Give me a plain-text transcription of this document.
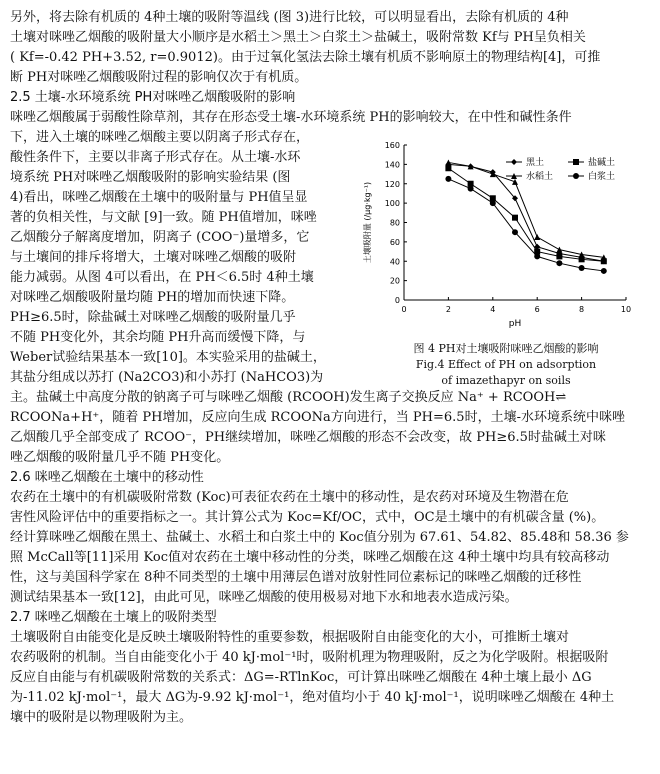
另外，将去除有机质的 4种土壤的吸附等温线 (图 3)进行比较，可以明显看出，去除有机质的 4种
土壤对咪唑乙烟酸的吸附量大小顺序是水稻土＞黑土＞白浆土＞盐碱土，吸附常数 Kf与 PH呈负相关
( Kf=-0.42 PH+3.52, r=0.9012)。由于过氧化氢法去除土壤有机质不影响原土的物理结构[4]，可推
断 PH对咪唑乙烟酸吸附过程的影响仅次于有机质。
2.5 土壤-水环境系统 PH对咪唑乙烟酸吸附的影响
咪唑乙烟酸属于弱酸性除草剂，其存在形态受土壤-水环境系统 PH的影响较大，在中性和碱性条件
下，进入土壤的咪唑乙烟酸主要以阴离子形式存在，
酸性条件下，主要以非离子形式存在。从土壤-水环
境系统 PH对咪唑乙烟酸吸附的影响实验结果 (图
4)看出，咪唑乙烟酸在土壤中的吸附量与 PH值呈显
著的负相关性，与文献 [9]一致。随 PH值增加，咪唑
乙烟酸分子解离度增加，阴离子 (COO⁻)量增多，它
与土壤间的排斥将增大，土壤对咪唑乙烟酸的吸附
能力减弱。从图 4可以看出，在 PH＜6.5时 4种土壤
对咪唑乙烟酸吸附量均随 PH的增加而快速下降。
PH≥6.5时，除盐碱土对咪唑乙烟酸的吸附量几乎
不随 PH变化外，其余均随 PH升高而缓慢下降，与
Weber试验结果基本一致[10]。本实验采用的盐碱土，
其盐分组成以苏打 (Na2CO3)和小苏打 (NaHCO3)为
主。盐碱土中高度分散的钠离子可与咪唑乙烟酸 (RCOOH)发生离子交换反应 Na⁺ + RCOOH⇌
RCOONa+H⁺，随着 PH增加，反应向生成 RCOONa方向进行，当 PH=6.5时，土壤-水环境系统中咪唑
乙烟酸几乎全部变成了 RCOO⁻，PH继续增加，咪唑乙烟酸的形态不会改变，故 PH≥6.5时盐碱土对咪
唑乙烟酸的吸附量几乎不随 PH变化。
2.6 咪唑乙烟酸在土壤中的移动性
农药在土壤中的有机碳吸附常数 (Koc)可表征农药在土壤中的移动性，是农药对环境及生物潜在危
害性风险评估中的重要指标之一。其计算公式为 Koc=Kf/OC，式中，OC是土壤中的有机碳含量 (%)。
经计算咪唑乙烟酸在黑土、盐碱土、水稻土和白浆土中的 Koc值分别为 67.61、54.82、85.48和 58.36 参
照 McCall等[11]采用 Koc值对农药在土壤中移动性的分类，咪唑乙烟酸在这 4种土壤中均具有较高移动
性，这与美国科学家在 8种不同类型的土壤中用薄层色谱对放射性同位素标记的咪唑乙烟酸的迁移性
测试结果基本一致[12]，由此可见，咪唑乙烟酸的使用极易对地下水和地表水造成污染。
2.7 咪唑乙烟酸在土壤上的吸附类型
土壤吸附自由能变化是反映土壤吸附特性的重要参数，根据吸附自由能变化的大小，可推断土壤对
农药吸附的机制。当自由能变化小于 40 kJ·mol⁻¹时，吸附机理为物理吸附，反之为化学吸附。根据吸附
反应自由能与有机碳吸附常数的关系式：ΔG=-RTlnKoc，可计算出咪唑乙烟酸在 4种土壤上最小 ΔG
为-11.02 kJ·mol⁻¹，最大 ΔG为-9.92 kJ·mol⁻¹，绝对值均小于 40 kJ·mol⁻¹，说明咪唑乙烟酸在 4种土
壤中的吸附是以物理吸附为主。
0	2	4	6	8	10
0
20
40
60
80
100
120
140
160
pH
土壤吸附量 (/μg·kg⁻¹)
黑土	盐碱土
水稻土	白浆土
图 4 PH对土壤吸附咪唑乙烟酸的影响
Fig.4 Effect of PH on adsorption
of imazethapyr on soils
